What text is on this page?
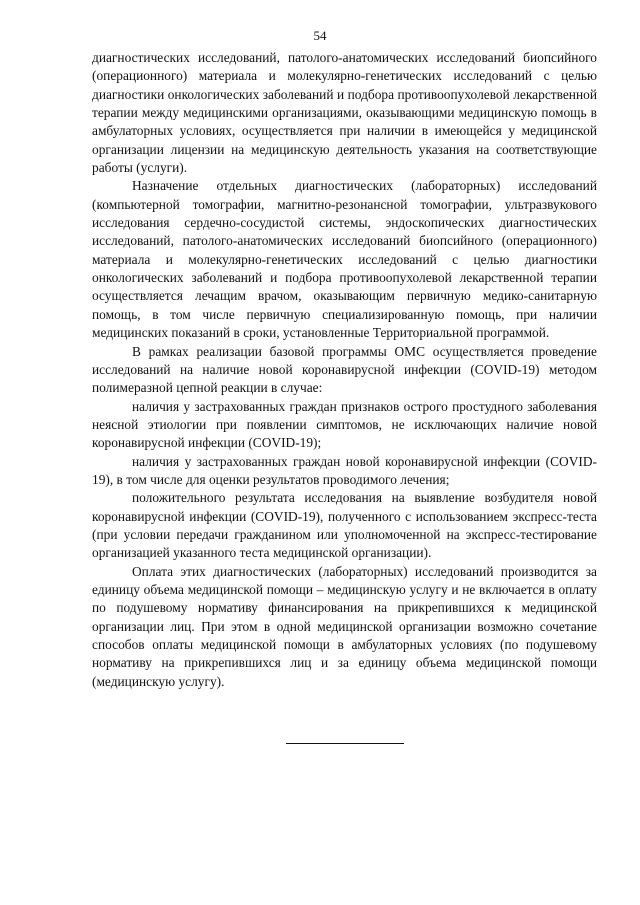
54

диагностических исследований, патолого-анатомических исследований биопсийного (операционного) материала и молекулярно-генетических исследований с целью диагностики онкологических заболеваний и подбора противоопухолевой лекарственной терапии между медицинскими организациями, оказывающими медицинскую помощь в амбулаторных условиях, осуществляется при наличии в имеющейся у медицинской организации лицензии на медицинскую деятельность указания на соответствующие работы (услуги).

Назначение отдельных диагностических (лабораторных) исследований (компьютерной томографии, магнитно-резонансной томографии, ультразвукового исследования сердечно-сосудистой системы, эндоскопических диагностических исследований, патолого-анатомических исследований биопсийного (операционного) материала и молекулярно-генетических исследований с целью диагностики онкологических заболеваний и подбора противоопухолевой лекарственной терапии осуществляется лечащим врачом, оказывающим первичную медико-санитарную помощь, в том числе первичную специализированную помощь, при наличии медицинских показаний в сроки, установленные Территориальной программой.

В рамках реализации базовой программы ОМС осуществляется проведение исследований на наличие новой коронавирусной инфекции (COVID-19) методом полимеразной цепной реакции в случае:

наличия у застрахованных граждан признаков острого простудного заболевания неясной этиологии при появлении симптомов, не исключающих наличие новой коронавирусной инфекции (COVID-19);

наличия у застрахованных граждан новой коронавирусной инфекции (COVID-19), в том числе для оценки результатов проводимого лечения;

положительного результата исследования на выявление возбудителя новой коронавирусной инфекции (COVID-19), полученного с использованием экспресс-теста (при условии передачи гражданином или уполномоченной на экспресс-тестирование организацией указанного теста медицинской организации).

Оплата этих диагностических (лабораторных) исследований производится за единицу объема медицинской помощи – медицинскую услугу и не включается в оплату по подушевому нормативу финансирования на прикрепившихся к медицинской организации лиц. При этом в одной медицинской организации возможно сочетание способов оплаты медицинской помощи в амбулаторных условиях (по подушевому нормативу на прикрепившихся лиц и за единицу объема медицинской помощи (медицинскую услугу).
